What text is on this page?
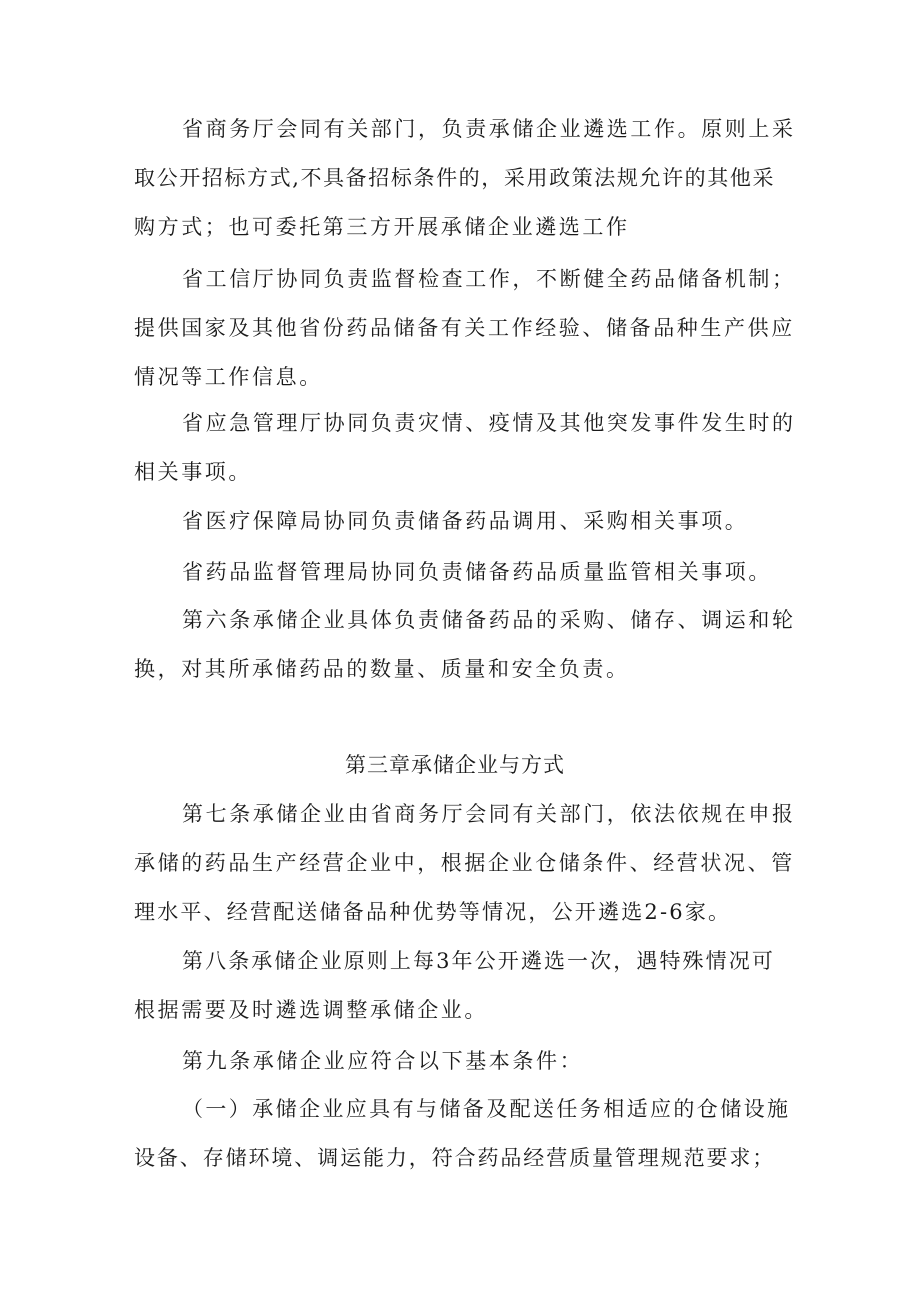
省商务厅会同有关部门，负责承储企业遴选工作。原则上采
取公开招标方式,不具备招标条件的，采用政策法规允许的其他采
购方式；也可委托第三方开展承储企业遴选工作
省工信厅协同负责监督检查工作，不断健全药品储备机制；
提供国家及其他省份药品储备有关工作经验、储备品种生产供应
情况等工作信息。
省应急管理厅协同负责灾情、疫情及其他突发事件发生时的
相关事项。
省医疗保障局协同负责储备药品调用、采购相关事项。
省药品监督管理局协同负责储备药品质量监管相关事项。
第六条承储企业具体负责储备药品的采购、储存、调运和轮
换，对其所承储药品的数量、质量和安全负责。
第三章承储企业与方式
第七条承储企业由省商务厅会同有关部门，依法依规在申报
承储的药品生产经营企业中，根据企业仓储条件、经营状况、管
理水平、经营配送储备品种优势等情况，公开遴选2-6家。
第八条承储企业原则上每3年公开遴选一次，遇特殊情况可
根据需要及时遴选调整承储企业。
第九条承储企业应符合以下基本条件：
（一）承储企业应具有与储备及配送任务相适应的仓储设施
设备、存储环境、调运能力，符合药品经营质量管理规范要求；
